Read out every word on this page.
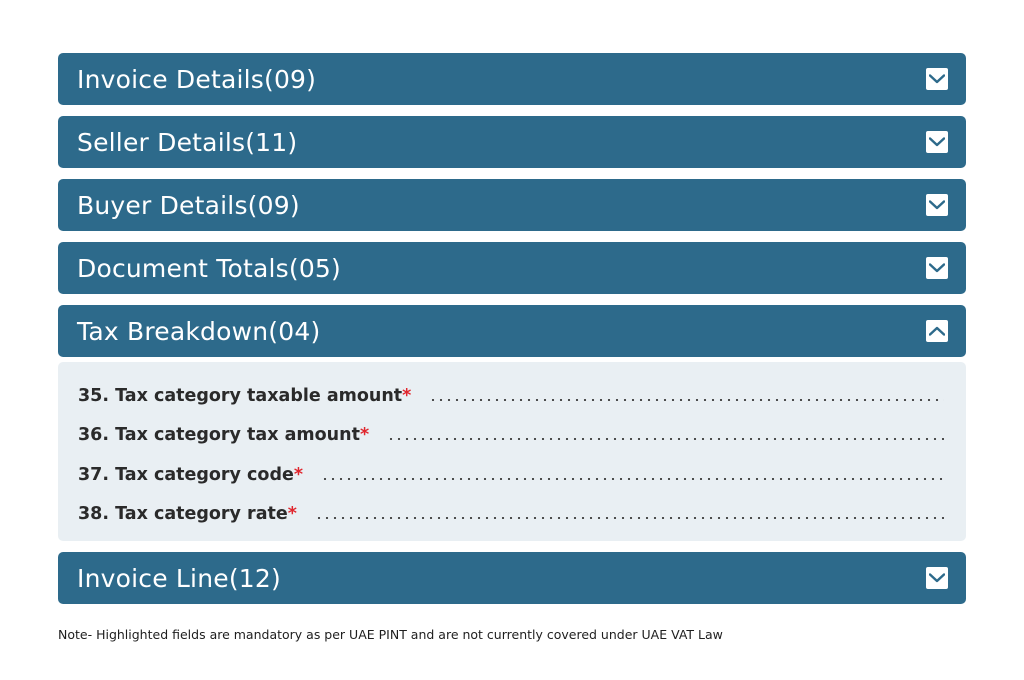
Invoice Details(09)
Seller Details(11)
Buyer Details(09)
Document Totals(05)
Tax Breakdown(04)
35. Tax category taxable amount *
36. Tax category tax amount *
37. Tax category code *
38. Tax category rate *
Invoice Line(12)
Note- Highlighted fields are mandatory as per UAE PINT and are not currently covered under UAE VAT Law
